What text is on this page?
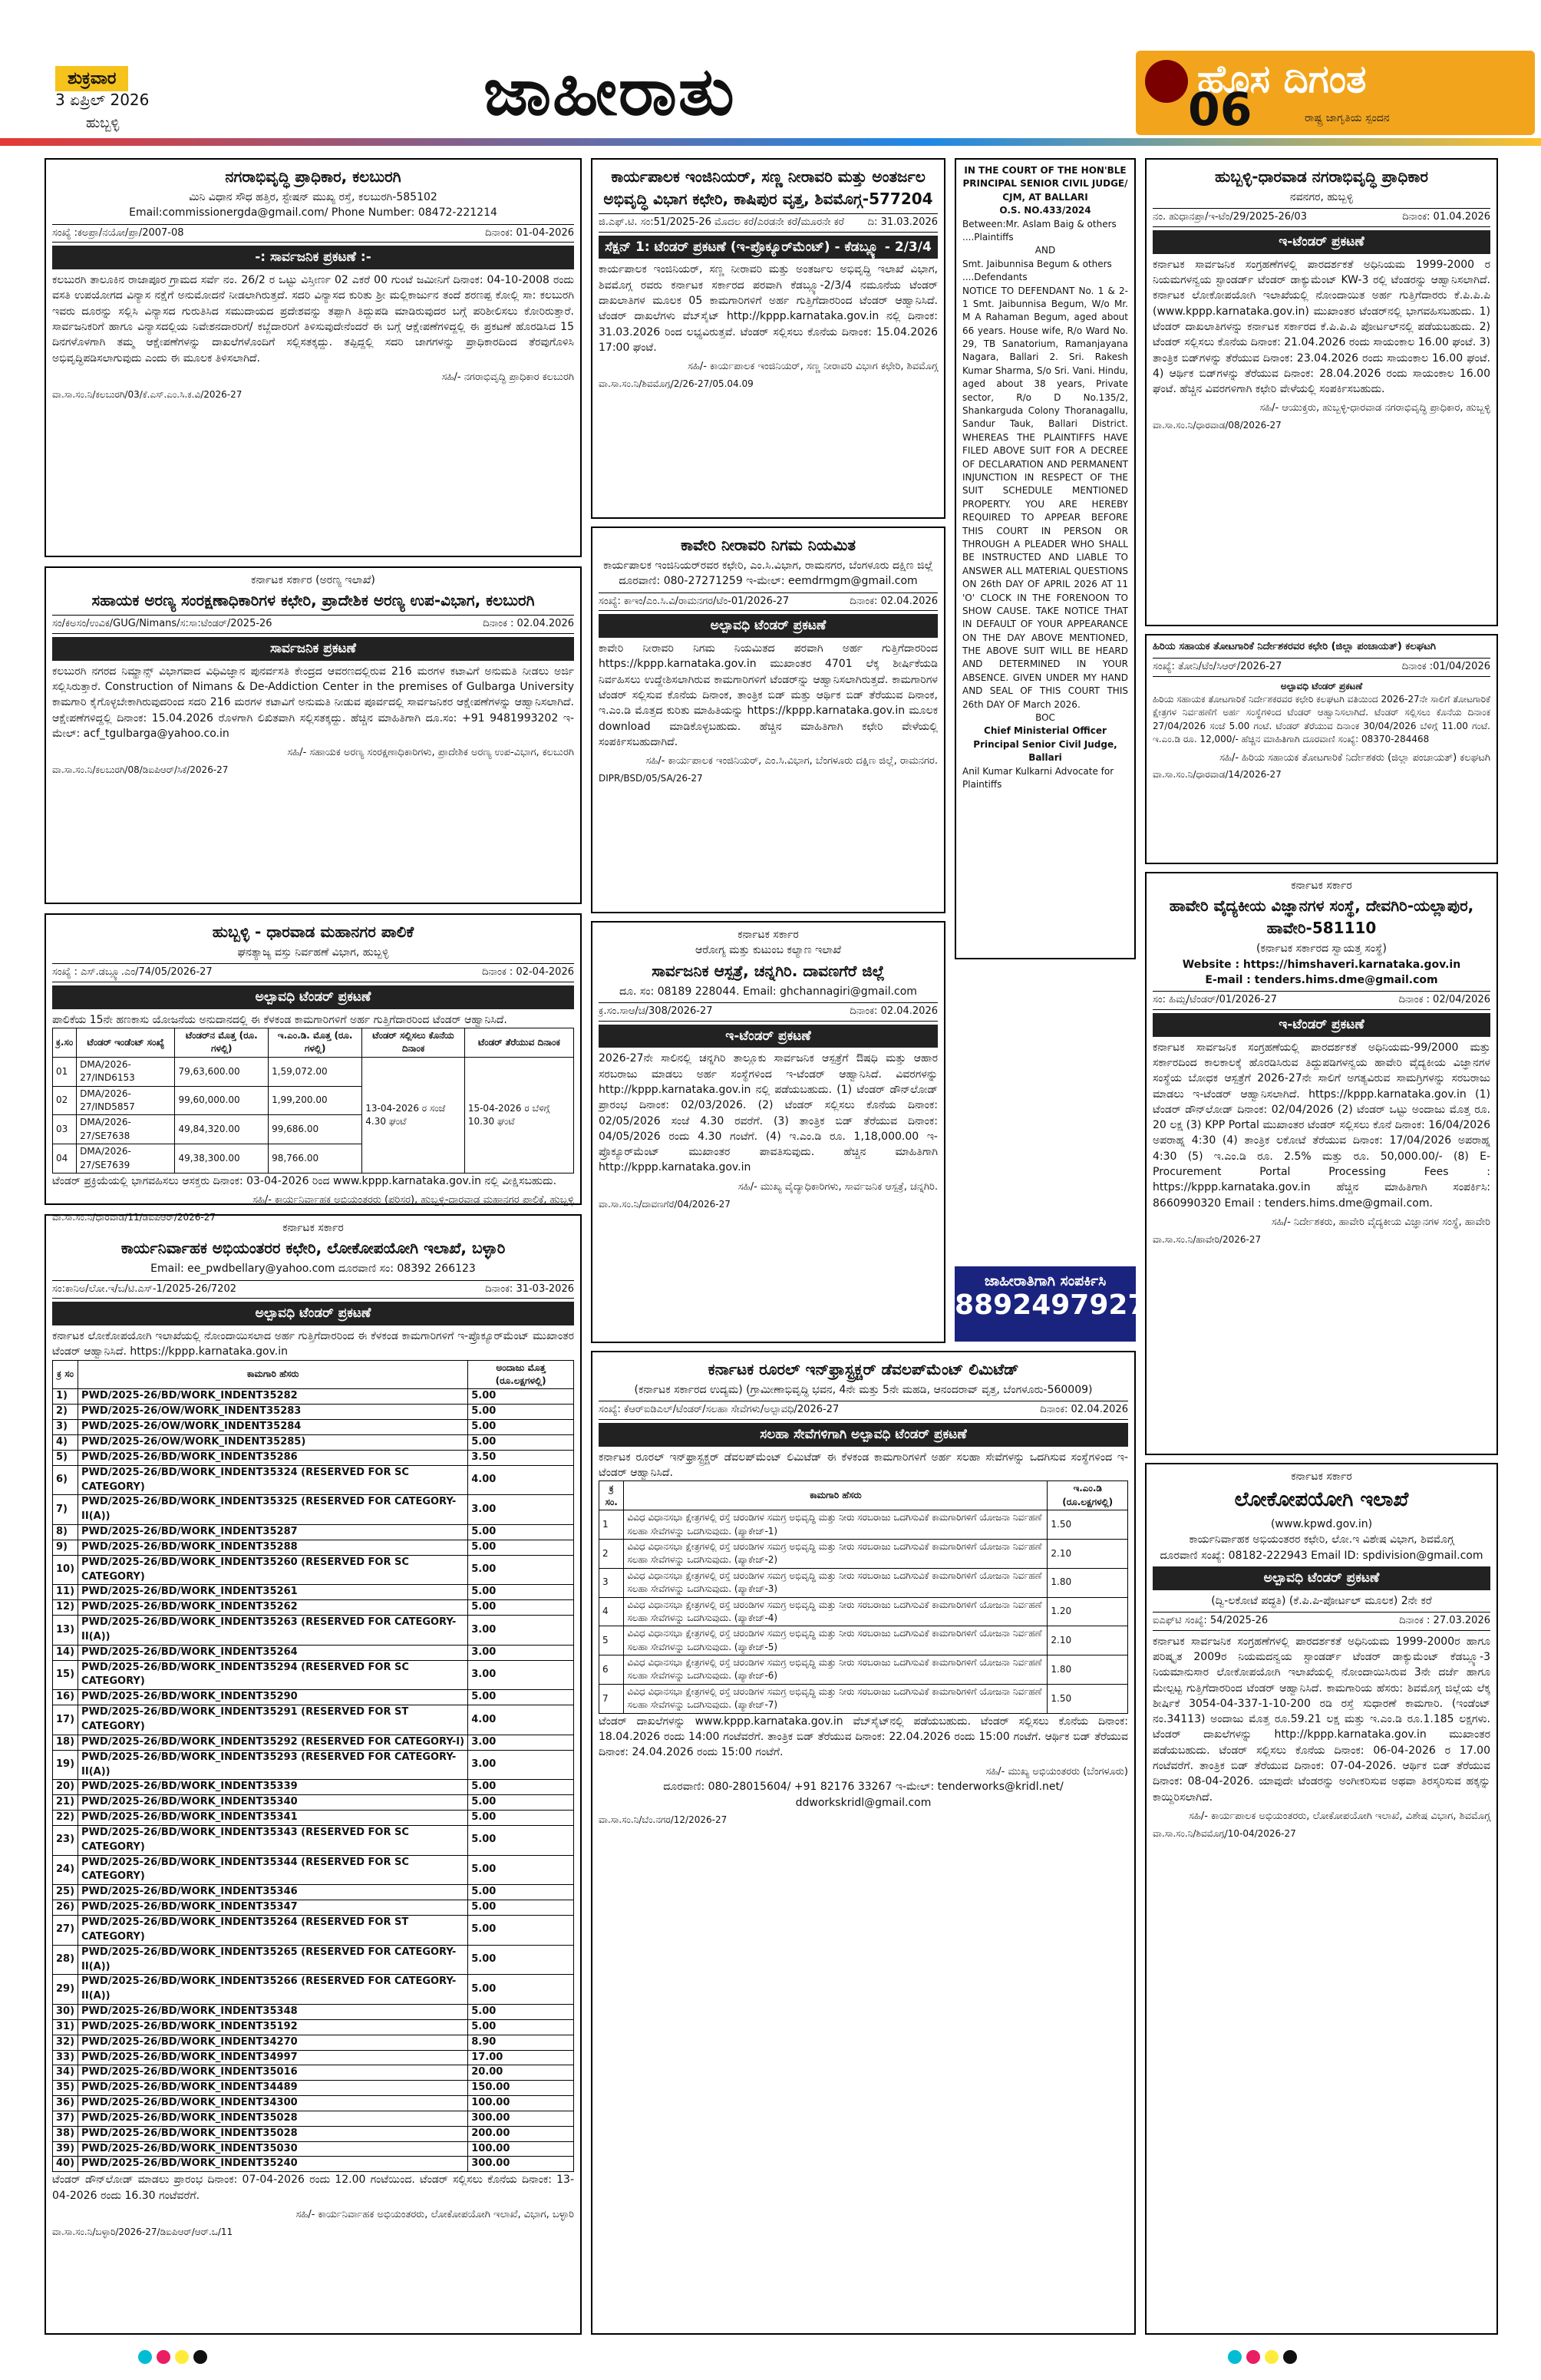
ಶುಕ್ರವಾರ
3 ಏಪ್ರಿಲ್ 2026
ಹುಬ್ಬಳ್ಳಿ	ಜಾಹೀರಾತು	ಹೊಸ ದಿಗಂತ
ರಾಷ್ಟ್ರ ಜಾಗೃತಿಯ ಸ್ಪಂದನ
06
ನಗರಾಭಿವೃದ್ಧಿ ಪ್ರಾಧಿಕಾರ, ಕಲಬುರಗಿ
ಮಿನಿ ವಿಧಾನ ಸೌಧ ಹತ್ತಿರ, ಸ್ಟೇಷನ್ ಮುಖ್ಯ ರಸ್ತೆ, ಕಲಬುರಗಿ-585102
Email:commissionergda@gmail.com/ Phone Number: 08472-221214
ಸಂಖ್ಯೆ :ಕಅಪ್ರಾ/ನಯೋ/ಪ್ರಾ/2007-08	ದಿನಾಂಕ: 01-04-2026
-: ಸಾರ್ವಜನಿಕ ಪ್ರಕಟಣೆ :-
ಕಲಬುರಗಿ ತಾಲೂಕಿನ ರಾಜಾಪೂರ ಗ್ರಾಮದ ಸರ್ವೆ ನಂ. 26/2 ರ ಒಟ್ಟು ವಿಸ್ತೀರ್ಣ 02 ಎಕರೆ 00 ಗುಂಟೆ ಜಮೀನಿಗೆ ದಿನಾಂಕ: 04-10-2008 ರಂದು ವಸತಿ ಉಪಯೋಗದ ವಿನ್ಯಾಸ ನಕ್ಷೆಗೆ ಅನುಮೋದನೆ ನೀಡಲಾಗಿರುತ್ತದೆ. ಸದರಿ ವಿನ್ಯಾಸದ ಕುರಿತು ಶ್ರೀ ಮಲ್ಲಿಕಾರ್ಜುನ ತಂದೆ ಶರಣಪ್ಪ ಕೋಲ್ಲಿ ಸಾ: ಕಲಬುರಗಿ ಇವರು ದೂರನ್ನು ಸಲ್ಲಿಸಿ ವಿನ್ಯಾಸದ ಗುರುತಿಸಿದ ಸಮುದಾಯದ ಪ್ರದೇಶವನ್ನು ತಪ್ಪಾಗಿ ತಿದ್ದುಪಡಿ ಮಾಡಿರುವುದರ ಬಗ್ಗೆ ಪರಿಶೀಲಿಸಲು ಕೋರಿರುತ್ತಾರೆ. ಸಾರ್ವಜನಿಕರಿಗೆ ಹಾಗೂ ವಿನ್ಯಾಸದಲ್ಲಿಯ ನಿವೇಶನದಾರರಿಗೆ/ ಕಬ್ಜೆದಾರರಿಗೆ ತಿಳಿಸುವುದೇನೆಂದರೆ ಈ ಬಗ್ಗೆ ಆಕ್ಷೇಪಣೆಗಳಿದ್ದಲ್ಲಿ ಈ ಪ್ರಕಟಣೆ ಹೊರಡಿಸಿದ 15 ದಿನಗಳೊಳಗಾಗಿ ತಮ್ಮ ಆಕ್ಷೇಪಣೆಗಳನ್ನು ದಾಖಲೆಗಳೊಂದಿಗೆ ಸಲ್ಲಿಸತಕ್ಕದ್ದು. ತಪ್ಪಿದ್ದಲ್ಲಿ ಸದರಿ ಜಾಗಗಳನ್ನು ಪ್ರಾಧಿಕಾರದಿಂದ ತೆರವುಗೊಳಿಸಿ ಅಭಿವೃದ್ಧಿಪಡಿಸಲಾಗುವುದು ಎಂದು ಈ ಮೂಲಕ ತಿಳಿಸಲಾಗಿದೆ.
ಸಹಿ/- ನಗರಾಭಿವೃದ್ಧಿ ಪ್ರಾಧಿಕಾರ ಕಲಬುರಗಿ
ವಾ.ಸಾ.ಸಂ.ನಿ/ಕಲಬುರಗಿ/03/ಕೆ.ಎಸ್.ಎಂ.ಸಿ.ಕ.ವಿ/2026-27
ಕರ್ನಾಟಕ ಸರ್ಕಾರ (ಅರಣ್ಯ ಇಲಾಖೆ)
ಸಹಾಯಕ ಅರಣ್ಯ ಸಂರಕ್ಷಣಾಧಿಕಾರಿಗಳ ಕಛೇರಿ, ಪ್ರಾದೇಶಿಕ ಅರಣ್ಯ ಉಪ-ವಿಭಾಗ, ಕಲಬುರಗಿ
ಸಂ/ಕಅಸಂ/ಉವಿಕ/GUG/Nimans/ಸ:ಸಾ:ಟೆಂಡರ್/2025-26	ದಿನಾಂಕ : 02.04.2026
ಸಾರ್ವಜನಿಕ ಪ್ರಕಟಣೆ
ಕಲಬುರಗಿ ನಗರದ ನಿಮ್ಹಾನ್ಸ್ ವಿಭಾಗವಾದ ವಿಧಿವಿಜ್ಞಾನ ಪುನರ್ವಸತಿ ಕೇಂದ್ರದ ಆವರಣದಲ್ಲಿರುವ 216 ಮರಗಳ ಕಟಾವಿಗೆ ಅನುಮತಿ ನೀಡಲು ಅರ್ಜಿ ಸಲ್ಲಿಸಿರುತ್ತಾರೆ. Construction of Nimans & De-Addiction Center in the premises of Gulbarga University ಕಾಮಗಾರಿ ಕೈಗೊಳ್ಳಬೇಕಾಗಿರುವುದರಿಂದ ಸದರಿ 216 ಮರಗಳ ಕಟಾವಿಗೆ ಅನುಮತಿ ನೀಡುವ ಪೂರ್ವದಲ್ಲಿ ಸಾರ್ವಜನಿಕರ ಆಕ್ಷೇಪಣೆಗಳನ್ನು ಆಹ್ವಾನಿಸಲಾಗಿದೆ. ಆಕ್ಷೇಪಣೆಗಳಿದ್ದಲ್ಲಿ ದಿನಾಂಕ: 15.04.2026 ರೊಳಗಾಗಿ ಲಿಖಿತವಾಗಿ ಸಲ್ಲಿಸತಕ್ಕದ್ದು. ಹೆಚ್ಚಿನ ಮಾಹಿತಿಗಾಗಿ ದೂ.ಸಂ: +91 9481993202 ಇ-ಮೇಲ್: acf_tgulbarga@yahoo.co.in
ಸಹಿ/- ಸಹಾಯಕ ಅರಣ್ಯ ಸಂರಕ್ಷಣಾಧಿಕಾರಿಗಳು, ಪ್ರಾದೇಶಿಕ ಅರಣ್ಯ ಉಪ-ವಿಭಾಗ, ಕಲಬುರಗಿ
ವಾ.ಸಾ.ಸಂ.ನಿ/ಕಲಬುರಗಿ/08/ಡಿಐಪಿಆರ್/ಸಿಕೆ/2026-27
ಹುಬ್ಬಳ್ಳಿ - ಧಾರವಾಡ ಮಹಾನಗರ ಪಾಲಿಕೆ
ಘನತ್ಯಾಜ್ಯ ವಸ್ತು ನಿರ್ವಹಣೆ ವಿಭಾಗ, ಹುಬ್ಬಳ್ಳಿ
ಸಂಖ್ಯೆ : ಎಸ್‌.ಡಬ್ಲ್ಯೂ.ಎಂ/74/05/2026-27	ದಿನಾಂಕ : 02-04-2026
ಅಲ್ಪಾವಧಿ ಟೆಂಡರ್ ಪ್ರಕಟಣೆ
ಪಾಲಿಕೆಯ 15ನೇ ಹಣಕಾಸು ಯೋಜನೆಯ ಅನುದಾನದಲ್ಲಿ ಈ ಕೆಳಕಂಡ ಕಾಮಗಾರಿಗಳಿಗೆ ಅರ್ಹ ಗುತ್ತಿಗೆದಾರರಿಂದ ಟೆಂಡರ್ ಆಹ್ವಾನಿಸಿದೆ.
ಕ್ರ.ಸಂ	ಟೆಂಡರ್ ಇಂಡೆಂಟ್ ಸಂಖ್ಯೆ	ಟೆಂಡರ್‌ನ ಮೊತ್ತ (ರೂ. ಗಳಲ್ಲಿ)	ಇ.ಎಂ.ಡಿ. ಮೊತ್ತ (ರೂ. ಗಳಲ್ಲಿ)	ಟೆಂಡರ್ ಸಲ್ಲಿಸಲು ಕೊನೆಯ ದಿನಾಂಕ	ಟೆಂಡರ್ ತೆರೆಯುವ ದಿನಾಂಕ
01	DMA/2026-27/IND6153	79,63,600.00	1,59,072.00	13-04-2026 ರ ಸಂಜೆ 4.30 ಘಂಟೆ	15-04-2026 ರ ಬೆಳಿಗ್ಗೆ 10.30 ಘಂಟೆ
02	DMA/2026-27/IND5857	99,60,000.00	1,99,200.00		
03	DMA/2026-27/SE7638	49,84,320.00	99,686.00		
04	DMA/2026-27/SE7639	49,38,300.00	98,766.00		
ಟೆಂಡರ್ ಪ್ರಕ್ರಿಯೆಯಲ್ಲಿ ಭಾಗವಹಿಸಲು ಆಸಕ್ತರು ದಿನಾಂಕ: 03-04-2026 ರಿಂದ www.kppp.karnataka.gov.in ನಲ್ಲಿ ವೀಕ್ಷಿಸಬಹುದು.
ಸಹಿ/- ಕಾರ್ಯನಿರ್ವಾಹಕ ಅಭಿಯಂತರರು (ಪರಿಸರ), ಹುಬ್ಬಳ್ಳಿ-ಧಾರವಾಡ ಮಹಾನಗರ ಪಾಲಿಕೆ, ಹುಬ್ಬಳ್ಳಿ
ವಾ.ಸಾ.ಸಂ.ನಿ/ಧಾರವಾಡ/11/ಡಿಐಪಿಆರ್/2026-27
ಕರ್ನಾಟಕ ಸರ್ಕಾರ
ಕಾರ್ಯನಿರ್ವಾಹಕ ಅಭಿಯಂತರರ ಕಛೇರಿ, ಲೋಕೋಪಯೋಗಿ ಇಲಾಖೆ, ಬಳ್ಳಾರಿ
Email: ee_pwdbellary@yahoo.com ದೂರವಾಣಿ ಸಂ: 08392 266123
ಸಂ:ಕಾನಿಅ/ಲೋ.ಇ/ಬ/ಟಿ.ಎಸ್-1/2025-26/7202	ದಿನಾಂಕ: 31-03-2026
ಅಲ್ಪಾವಧಿ ಟೆಂಡರ್ ಪ್ರಕಟಣೆ
ಕರ್ನಾಟಕ ಲೋಕೋಪಯೋಗಿ ಇಲಾಖೆಯಲ್ಲಿ ನೋಂದಾಯಿಸಲಾದ ಅರ್ಹ ಗುತ್ತಿಗೆದಾರರಿಂದ ಈ ಕೆಳಕಂಡ ಕಾಮಗಾರಿಗಳಿಗೆ ಇ-ಪ್ರೊಕ್ಯೂರ್‌ಮೆಂಟ್ ಮುಖಾಂತರ ಟೆಂಡರ್ ಆಹ್ವಾನಿಸಿದೆ. https://kppp.karnataka.gov.in
ಕ್ರ ಸಂ	ಕಾಮಗಾರಿ ಹೆಸರು	ಅಂದಾಜು ಮೊತ್ತ (ರೂ.ಲಕ್ಷಗಳಲ್ಲಿ)
1)	PWD/2025-26/BD/WORK_INDENT35282	5.00
2)	PWD/2025-26/OW/WORK_INDENT35283	5.00
3)	PWD/2025-26/OW/WORK_INDENT35284	5.00
4)	PWD/2025-26/OW/WORK_INDENT35285)	5.00
5)	PWD/2025-26/BD/WORK_INDENT35286	3.50
6)	PWD/2025-26/BD/WORK_INDENT35324 (RESERVED FOR SC CATEGORY)	4.00
7)	PWD/2025-26/BD/WORK_INDENT35325 (RESERVED FOR CATEGORY-II(A))	3.00
8)	PWD/2025-26/BD/WORK_INDENT35287	5.00
9)	PWD/2025-26/BD/WORK_INDENT35288	5.00
10)	PWD/2025-26/BD/WORK_INDENT35260 (RESERVED FOR SC CATEGORY)	5.00
11)	PWD/2025-26/BD/WORK_INDENT35261	5.00
12)	PWD/2025-26/BD/WORK_INDENT35262	5.00
13)	PWD/2025-26/BD/WORK_INDENT35263 (RESERVED FOR CATEGORY-II(A))	3.00
14)	PWD/2025-26/BD/WORK_INDENT35264	3.00
15)	PWD/2025-26/BD/WORK_INDENT35294 (RESERVED FOR SC CATEGORY)	3.00
16)	PWD/2025-26/BD/WORK_INDENT35290	5.00
17)	PWD/2025-26/BD/WORK_INDENT35291 (RESERVED FOR ST CATEGORY)	4.00
18)	PWD/2025-26/BD/WORK_INDENT35292 (RESERVED FOR CATEGORY-I)	3.00
19)	PWD/2025-26/BD/WORK_INDENT35293 (RESERVED FOR CATEGORY-II(A))	3.00
20)	PWD/2025-26/BD/WORK_INDENT35339	5.00
21)	PWD/2025-26/BD/WORK_INDENT35340	5.00
22)	PWD/2025-26/BD/WORK_INDENT35341	5.00
23)	PWD/2025-26/BD/WORK_INDENT35343 (RESERVED FOR SC CATEGORY)	5.00
24)	PWD/2025-26/BD/WORK_INDENT35344 (RESERVED FOR SC CATEGORY)	5.00
25)	PWD/2025-26/BD/WORK_INDENT35346	5.00
26)	PWD/2025-26/BD/WORK_INDENT35347	5.00
27)	PWD/2025-26/BD/WORK_INDENT35264 (RESERVED FOR ST CATEGORY)	5.00
28)	PWD/2025-26/BD/WORK_INDENT35265 (RESERVED FOR CATEGORY-II(A))	5.00
29)	PWD/2025-26/BD/WORK_INDENT35266 (RESERVED FOR CATEGORY-II(A))	5.00
30)	PWD/2025-26/BD/WORK_INDENT35348	5.00
31)	PWD/2025-26/BD/WORK_INDENT35192	5.00
32)	PWD/2025-26/BD/WORK_INDENT34270	8.90
33)	PWD/2025-26/BD/WORK_INDENT34997	17.00
34)	PWD/2025-26/BD/WORK_INDENT35016	20.00
35)	PWD/2025-26/BD/WORK_INDENT34489	150.00
36)	PWD/2025-26/BD/WORK_INDENT34300	100.00
37)	PWD/2025-26/BD/WORK_INDENT35028	300.00
38)	PWD/2025-26/BD/WORK_INDENT35028	200.00
39)	PWD/2025-26/BD/WORK_INDENT35030	100.00
40)	PWD/2025-26/BD/WORK_INDENT35240	300.00
ಟೆಂಡರ್ ಡೌನ್‌ಲೋಡ್ ಮಾಡಲು ಪ್ರಾರಂಭ ದಿನಾಂಕ: 07-04-2026 ರಂದು 12.00 ಗಂಟೆಯಿಂದ. ಟೆಂಡರ್ ಸಲ್ಲಿಸಲು ಕೊನೆಯ ದಿನಾಂಕ: 13-04-2026 ರಂದು 16.30 ಗಂಟೆವರೆಗೆ.
ಸಹಿ/- ಕಾರ್ಯನಿರ್ವಾಹಕ ಅಭಿಯಂತರರು, ಲೋಕೋಪಯೋಗಿ ಇಲಾಖೆ, ವಿಭಾಗ, ಬಳ್ಳಾರಿ
ವಾ.ಸಾ.ಸಂ.ನಿ/ಬಳ್ಳಾರಿ/2026-27/ಡಿಐಪಿಆರ್/ಆರ್‌.ಒ/11
ಕಾರ್ಯಪಾಲಕ ಇಂಜಿನಿಯರ್, ಸಣ್ಣ ನೀರಾವರಿ ಮತ್ತು ಅಂತರ್ಜಲ ಅಭಿವೃದ್ಧಿ ವಿಭಾಗ ಕಛೇರಿ, ಕಾಷಿಪುರ ವೃತ್ತ, ಶಿವಮೊಗ್ಗ-577204
ಜಿ.ಎಫ್.ಟಿ. ಸಂ:51/2025-26 ಮೊದಲ ಕರೆ/ಎರಡನೇ ಕರೆ/ಮೂರನೇ ಕರೆ ದಿ: 31.03.2026
ಸೆಕ್ಷನ್ 1: ಟೆಂಡರ್ ಪ್ರಕಟಣೆ (ಇ-ಪ್ರೊಕ್ಯೂರ್‌ಮೆಂಟ್) - ಕೆಡಬ್ಲ್ಯೂ - 2/3/4
ಕಾರ್ಯಪಾಲಕ ಇಂಜಿನಿಯರ್, ಸಣ್ಣ ನೀರಾವರಿ ಮತ್ತು ಅಂತರ್ಜಲ ಅಭಿವೃದ್ಧಿ ಇಲಾಖೆ ವಿಭಾಗ, ಶಿವಮೊಗ್ಗ ರವರು ಕರ್ನಾಟಕ ಸರ್ಕಾರದ ಪರವಾಗಿ ಕೆಡಬ್ಲ್ಯೂ-2/3/4 ನಮೂನೆಯ ಟೆಂಡರ್ ದಾಖಲಾತಿಗಳ ಮೂಲಕ 05 ಕಾಮಗಾರಿಗಳಿಗೆ ಅರ್ಹ ಗುತ್ತಿಗೆದಾರರಿಂದ ಟೆಂಡರ್ ಆಹ್ವಾನಿಸಿದೆ. ಟೆಂಡರ್ ದಾಖಲೆಗಳು ವೆಬ್‌ಸೈಟ್ http://kppp.karnataka.gov.in ನಲ್ಲಿ ದಿನಾಂಕ: 31.03.2026 ರಿಂದ ಲಭ್ಯವಿರುತ್ತವೆ. ಟೆಂಡರ್ ಸಲ್ಲಿಸಲು ಕೊನೆಯ ದಿನಾಂಕ: 15.04.2026 17:00 ಘಂಟೆ.
ಸಹಿ/- ಕಾರ್ಯಪಾಲಕ ಇಂಜಿನಿಯರ್, ಸಣ್ಣ ನೀರಾವರಿ ವಿಭಾಗ ಕಛೇರಿ, ಶಿವಮೊಗ್ಗ
ವಾ.ಸಾ.ಸಂ.ನಿ/ಶಿವಮೊಗ್ಗ/2/26-27/05.04.09
ಕಾವೇರಿ ನೀರಾವರಿ ನಿಗಮ ನಿಯಮಿತ
ಕಾರ್ಯಪಾಲಕ ಇಂಜಿನಿಯರ್‌ರವರ ಕಛೇರಿ, ಎಂ.ಸಿ.ವಿಭಾಗ, ರಾಮನಗರ, ಬೆಂಗಳೂರು ದಕ್ಷಿಣ ಜಿಲ್ಲೆ
ದೂರವಾಣಿ: 080-27271259 ಇ-ಮೇಲ್: eemdrmgm@gmail.com
ಸಂಖ್ಯೆ: ಕಾಇಂ/ಎಂ.ಸಿ.ವಿ/ರಾಮನಗರ/ಟೆಂ-01/2026-27	ದಿನಾಂಕ: 02.04.2026
ಅಲ್ಪಾವಧಿ ಟೆಂಡರ್ ಪ್ರಕಟಣೆ
ಕಾವೇರಿ ನೀರಾವರಿ ನಿಗಮ ನಿಯಮಿತದ ಪರವಾಗಿ ಅರ್ಹ ಗುತ್ತಿಗೆದಾರರಿಂದ https://kppp.karnataka.gov.in ಮುಖಾಂತರ 4701 ಲೆಕ್ಕ ಶೀರ್ಷಿಕೆಯಡಿ ನಿರ್ವಹಿಸಲು ಉದ್ದೇಶಿಸಲಾಗಿರುವ ಕಾಮಗಾರಿಗಳಿಗೆ ಟೆಂಡರ್‌ನ್ನು ಆಹ್ವಾನಿಸಲಾಗಿರುತ್ತದೆ. ಕಾಮಗಾರಿಗಳ ಟೆಂಡರ್ ಸಲ್ಲಿಸುವ ಕೊನೆಯ ದಿನಾಂಕ, ತಾಂತ್ರಿಕ ಬಿಡ್ ಮತ್ತು ಆರ್ಥಿಕ ಬಿಡ್ ತೆರೆಯುವ ದಿನಾಂಕ, ಇ.ಎಂ.ಡಿ ಮೊತ್ತದ ಕುರಿತು ಮಾಹಿತಿಯನ್ನು https://kppp.karnataka.gov.in ಮೂಲಕ download ಮಾಡಿಕೊಳ್ಳಬಹುದು. ಹೆಚ್ಚಿನ ಮಾಹಿತಿಗಾಗಿ ಕಛೇರಿ ವೇಳೆಯಲ್ಲಿ ಸಂಪರ್ಕಿಸಬಹುದಾಗಿದೆ.
ಸಹಿ/- ಕಾರ್ಯಪಾಲಕ ಇಂಜಿನಿಯರ್, ಎಂ.ಸಿ.ವಿಭಾಗ, ಬೆಂಗಳೂರು ದಕ್ಷಿಣ ಜಿಲ್ಲೆ, ರಾಮನಗರ.
DIPR/BSD/05/SA/26-27
ಕರ್ನಾಟಕ ಸರ್ಕಾರ
ಆರೋಗ್ಯ ಮತ್ತು ಕುಟುಂಬ ಕಲ್ಯಾಣ ಇಲಾಖೆ
ಸಾರ್ವಜನಿಕ ಆಸ್ಪತ್ರೆ, ಚನ್ನಗಿರಿ. ದಾವಣಗೆರೆ ಜಿಲ್ಲೆ
ದೂ. ಸಂ: 08189 228044. Email: ghchannagiri@gmail.com
ಕ್ರ.ಸಂ.ಸಾಆ/ಚ/308/2026-27	ದಿನಾಂಕ: 02.04.2026
ಇ-ಟೆಂಡರ್ ಪ್ರಕಟಣೆ
2026-27ನೇ ಸಾಲಿನಲ್ಲಿ ಚನ್ನಗಿರಿ ತಾಲ್ಲೂಕು ಸಾರ್ವಜನಿಕ ಆಸ್ಪತ್ರೆಗೆ ಔಷಧಿ ಮತ್ತು ಆಹಾರ ಸರಬರಾಜು ಮಾಡಲು ಅರ್ಹ ಸಂಸ್ಥೆಗಳಿಂದ ಇ-ಟೆಂಡರ್ ಆಹ್ವಾನಿಸಿದೆ. ವಿವರಗಳನ್ನು http://kppp.karnataka.gov.in ನಲ್ಲಿ ಪಡೆಯಬಹುದು. (1) ಟೆಂಡರ್ ಡೌನ್‌ಲೋಡ್ ಪ್ರಾರಂಭ ದಿನಾಂಕ: 02/03/2026. (2) ಟೆಂಡರ್ ಸಲ್ಲಿಸಲು ಕೊನೆಯ ದಿನಾಂಕ: 02/05/2026 ಸಂಜೆ 4.30 ರವರೆಗೆ. (3) ತಾಂತ್ರಿಕ ಬಿಡ್ ತೆರೆಯುವ ದಿನಾಂಕ: 04/05/2026 ರಂದು 4.30 ಗಂಟೆಗೆ. (4) ಇ.ಎಂ.ಡಿ ರೂ. 1,18,000.00 ಇ-ಪ್ರೊಕ್ಯೂರ್‌ಮೆಂಟ್ ಮುಖಾಂತರ ಪಾವತಿಸುವುದು. ಹೆಚ್ಚಿನ ಮಾಹಿತಿಗಾಗಿ http://kppp.karnataka.gov.in
ಸಹಿ/- ಮುಖ್ಯ ವೈದ್ಯಾಧಿಕಾರಿಗಳು, ಸಾರ್ವಜನಿಕ ಆಸ್ಪತ್ರೆ, ಚನ್ನಗಿರಿ.
ವಾ.ಸಾ.ಸಂ.ನಿ/ದಾವಣಗೆರೆ/04/2026-27
IN THE COURT OF THE HON'BLE PRINCIPAL SENIOR CIVIL JUDGE/ CJM, AT BALLARI
O.S. NO.433/2024
Between:Mr. Aslam Baig & others ....Plaintiffs
AND
Smt. Jaibunnisa Begum & others ....Defendants
NOTICE TO DEFENDANT No. 1 & 2- 1 Smt. Jaibunnisa Begum, W/o Mr. M A Rahaman Begum, aged about 66 years. House wife, R/o Ward No. 29, TB Sanatorium, Ramanjayana Nagara, Ballari 2. Sri. Rakesh Kumar Sharma, S/o Sri. Vani. Hindu, aged about 38 years, Private sector, R/o D No.135/2, Shankarguda Colony Thoranagallu, Sandur Tauk, Ballari District. WHEREAS THE PLAINTIFFS HAVE FILED ABOVE SUIT FOR A DECREE OF DECLARATION AND PERMANENT INJUNCTION IN RESPECT OF THE SUIT SCHEDULE MENTIONED PROPERTY. YOU ARE HEREBY REQUIRED TO APPEAR BEFORE THIS COURT IN PERSON OR THROUGH A PLEADER WHO SHALL BE INSTRUCTED AND LIABLE TO ANSWER ALL MATERIAL QUESTIONS ON 26th DAY OF APRIL 2026 AT 11 'O' CLOCK IN THE FORENOON TO SHOW CAUSE. TAKE NOTICE THAT IN DEFAULT OF YOUR APPEARANCE ON THE DAY ABOVE MENTIONED, THE ABOVE SUIT WILL BE HEARD AND DETERMINED IN YOUR ABSENCE. GIVEN UNDER MY HAND AND SEAL OF THIS COURT THIS 26th DAY OF March 2026.
BOC
Chief Ministerial Officer Principal Senior Civil Judge, Ballari
Anil Kumar Kulkarni Advocate for Plaintiffs
ಜಾಹೀರಾತಿಗಾಗಿ ಸಂಪರ್ಕಿಸಿ
8892497927
ಕರ್ನಾಟಕ ರೂರಲ್ ಇನ್‌ಫ್ರಾಸ್ಟ್ರಕ್ಚರ್ ಡೆವಲಪ್‌ಮೆಂಟ್ ಲಿಮಿಟೆಡ್
(ಕರ್ನಾಟಕ ಸರ್ಕಾರದ ಉದ್ಯಮ) (ಗ್ರಾಮೀಣಾಭಿವೃದ್ಧಿ ಭವನ, 4ನೇ ಮತ್ತು 5ನೇ ಮಹಡಿ, ಆನಂದರಾವ್ ವೃತ್ತ, ಬೆಂಗಳೂರು-560009)
ಸಂಖ್ಯೆ: ಕೆಆರ್‌ಐಡಿಎಲ್/ಟೆಂಡರ್/ಸಲಹಾ ಸೇವೆಗಳು/ಅಲ್ಪಾವಧಿ/2026-27	ದಿನಾಂಕ: 02.04.2026
ಸಲಹಾ ಸೇವೆಗಳಿಗಾಗಿ ಅಲ್ಪಾವಧಿ ಟೆಂಡರ್ ಪ್ರಕಟಣೆ
ಕರ್ನಾಟಕ ರೂರಲ್ ಇನ್‌ಫ್ರಾಸ್ಟ್ರಕ್ಚರ್ ಡೆವಲಪ್‌ಮೆಂಟ್ ಲಿಮಿಟೆಡ್ ಈ ಕೆಳಕಂಡ ಕಾಮಗಾರಿಗಳಿಗೆ ಅರ್ಹ ಸಲಹಾ ಸೇವೆಗಳನ್ನು ಒದಗಿಸುವ ಸಂಸ್ಥೆಗಳಿಂದ ಇ-ಟೆಂಡರ್ ಆಹ್ವಾನಿಸಿದೆ.
ಕ್ರ ಸಂ.	ಕಾಮಗಾರಿ ಹೆಸರು	ಇ.ಎಂ.ಡಿ (ರೂ.ಲಕ್ಷಗಳಲ್ಲಿ)
1	ವಿವಿಧ ವಿಧಾನಸಭಾ ಕ್ಷೇತ್ರಗಳಲ್ಲಿ ರಸ್ತೆ ಚರಂಡಿಗಳ ಸಮಗ್ರ ಅಭಿವೃದ್ಧಿ ಮತ್ತು ನೀರು ಸರಬರಾಜು ಒದಗಿಸುವಿಕೆ ಕಾಮಗಾರಿಗಳಿಗೆ ಯೋಜನಾ ನಿರ್ವಹಣೆ ಸಲಹಾ ಸೇವೆಗಳನ್ನು ಒದಗಿಸುವುದು. (ಪ್ಯಾಕೇಜ್-1)	1.50
2	ವಿವಿಧ ವಿಧಾನಸಭಾ ಕ್ಷೇತ್ರಗಳಲ್ಲಿ ರಸ್ತೆ ಚರಂಡಿಗಳ ಸಮಗ್ರ ಅಭಿವೃದ್ಧಿ ಮತ್ತು ನೀರು ಸರಬರಾಜು ಒದಗಿಸುವಿಕೆ ಕಾಮಗಾರಿಗಳಿಗೆ ಯೋಜನಾ ನಿರ್ವಹಣೆ ಸಲಹಾ ಸೇವೆಗಳನ್ನು ಒದಗಿಸುವುದು. (ಪ್ಯಾಕೇಜ್-2)	2.10
3	ವಿವಿಧ ವಿಧಾನಸಭಾ ಕ್ಷೇತ್ರಗಳಲ್ಲಿ ರಸ್ತೆ ಚರಂಡಿಗಳ ಸಮಗ್ರ ಅಭಿವೃದ್ಧಿ ಮತ್ತು ನೀರು ಸರಬರಾಜು ಒದಗಿಸುವಿಕೆ ಕಾಮಗಾರಿಗಳಿಗೆ ಯೋಜನಾ ನಿರ್ವಹಣೆ ಸಲಹಾ ಸೇವೆಗಳನ್ನು ಒದಗಿಸುವುದು. (ಪ್ಯಾಕೇಜ್-3)	1.80
4	ವಿವಿಧ ವಿಧಾನಸಭಾ ಕ್ಷೇತ್ರಗಳಲ್ಲಿ ರಸ್ತೆ ಚರಂಡಿಗಳ ಸಮಗ್ರ ಅಭಿವೃದ್ಧಿ ಮತ್ತು ನೀರು ಸರಬರಾಜು ಒದಗಿಸುವಿಕೆ ಕಾಮಗಾರಿಗಳಿಗೆ ಯೋಜನಾ ನಿರ್ವಹಣೆ ಸಲಹಾ ಸೇವೆಗಳನ್ನು ಒದಗಿಸುವುದು. (ಪ್ಯಾಕೇಜ್-4)	1.20
5	ವಿವಿಧ ವಿಧಾನಸಭಾ ಕ್ಷೇತ್ರಗಳಲ್ಲಿ ರಸ್ತೆ ಚರಂಡಿಗಳ ಸಮಗ್ರ ಅಭಿವೃದ್ಧಿ ಮತ್ತು ನೀರು ಸರಬರಾಜು ಒದಗಿಸುವಿಕೆ ಕಾಮಗಾರಿಗಳಿಗೆ ಯೋಜನಾ ನಿರ್ವಹಣೆ ಸಲಹಾ ಸೇವೆಗಳನ್ನು ಒದಗಿಸುವುದು. (ಪ್ಯಾಕೇಜ್-5)	2.10
6	ವಿವಿಧ ವಿಧಾನಸಭಾ ಕ್ಷೇತ್ರಗಳಲ್ಲಿ ರಸ್ತೆ ಚರಂಡಿಗಳ ಸಮಗ್ರ ಅಭಿವೃದ್ಧಿ ಮತ್ತು ನೀರು ಸರಬರಾಜು ಒದಗಿಸುವಿಕೆ ಕಾಮಗಾರಿಗಳಿಗೆ ಯೋಜನಾ ನಿರ್ವಹಣೆ ಸಲಹಾ ಸೇವೆಗಳನ್ನು ಒದಗಿಸುವುದು. (ಪ್ಯಾಕೇಜ್-6)	1.80
7	ವಿವಿಧ ವಿಧಾನಸಭಾ ಕ್ಷೇತ್ರಗಳಲ್ಲಿ ರಸ್ತೆ ಚರಂಡಿಗಳ ಸಮಗ್ರ ಅಭಿವೃದ್ಧಿ ಮತ್ತು ನೀರು ಸರಬರಾಜು ಒದಗಿಸುವಿಕೆ ಕಾಮಗಾರಿಗಳಿಗೆ ಯೋಜನಾ ನಿರ್ವಹಣೆ ಸಲಹಾ ಸೇವೆಗಳನ್ನು ಒದಗಿಸುವುದು. (ಪ್ಯಾಕೇಜ್-7)	1.50
ಟೆಂಡರ್ ದಾಖಲೆಗಳನ್ನು www.kppp.karnataka.gov.in ವೆಬ್‌ಸೈಟ್‌ನಲ್ಲಿ ಪಡೆಯಬಹುದು. ಟೆಂಡರ್ ಸಲ್ಲಿಸಲು ಕೊನೆಯ ದಿನಾಂಕ: 18.04.2026 ರಂದು 14:00 ಗಂಟೆವರೆಗೆ. ತಾಂತ್ರಿಕ ಬಿಡ್ ತೆರೆಯುವ ದಿನಾಂಕ: 22.04.2026 ರಂದು 15:00 ಗಂಟೆಗೆ. ಆರ್ಥಿಕ ಬಿಡ್ ತೆರೆಯುವ ದಿನಾಂಕ: 24.04.2026 ರಂದು 15:00 ಗಂಟೆಗೆ.
ಸಹಿ/- ಮುಖ್ಯ ಅಭಿಯಂತರರು (ಬೆಂಗಳೂರು)
ದೂರವಾಣಿ: 080-28015604/ +91 82176 33267 ಇ-ಮೇಲ್: tenderworks@kridl.net/ ddworkskridl@gmail.com
ವಾ.ಸಾ.ಸಂ.ನಿ/ಬೆಂ.ನಗರ/12/2026-27
ಹುಬ್ಬಳ್ಳಿ-ಧಾರವಾಡ ನಗರಾಭಿವೃದ್ಧಿ ಪ್ರಾಧಿಕಾರ
ನವನಗರ, ಹುಬ್ಬಳ್ಳಿ
ನಂ. ಹುಧಾನಪ್ರಾ/ಇ-ಟೆಂ/29/2025-26/03	ದಿನಾಂಕ: 01.04.2026
ಇ-ಟೆಂಡರ್ ಪ್ರಕಟಣೆ
ಕರ್ನಾಟಕ ಸಾರ್ವಜನಿಕ ಸಂಗ್ರಹಣೆಗಳಲ್ಲಿ ಪಾರದರ್ಶಕತೆ ಅಧಿನಿಯಮ 1999-2000 ರ ನಿಯಮಗಳನ್ವಯ ಸ್ಟಾಂಡರ್ಡ್ ಟೆಂಡರ್ ಡಾಕ್ಯುಮೆಂಟ್ KW-3 ರಲ್ಲಿ ಟೆಂಡರನ್ನು ಆಹ್ವಾನಿಸಲಾಗಿದೆ. ಕರ್ನಾಟಕ ಲೋಕೋಪಯೋಗಿ ಇಲಾಖೆಯಲ್ಲಿ ನೋಂದಾಯಿತ ಅರ್ಹ ಗುತ್ತಿಗೆದಾರರು ಕೆ.ಪಿ.ಪಿ.ಪಿ (www.kppp.karnataka.gov.in) ಮುಖಾಂತರ ಟೆಂಡರ್‌ನಲ್ಲಿ ಭಾಗವಹಿಸಬಹುದು. 1) ಟೆಂಡರ್ ದಾಖಲಾತಿಗಳನ್ನು ಕರ್ನಾಟಕ ಸರ್ಕಾರದ ಕೆ.ಪಿ.ಪಿ.ಪಿ ಪೋರ್ಟಲ್‌ನಲ್ಲಿ ಪಡೆಯಬಹುದು. 2) ಟೆಂಡರ್ ಸಲ್ಲಿಸಲು ಕೊನೆಯ ದಿನಾಂಕ: 21.04.2026 ರಂದು ಸಾಯಂಕಾಲ 16.00 ಘಂಟೆ. 3) ತಾಂತ್ರಿಕ ಬಿಡ್‌ಗಳನ್ನು ತೆರೆಯುವ ದಿನಾಂಕ: 23.04.2026 ರಂದು ಸಾಯಂಕಾಲ 16.00 ಘಂಟೆ. 4) ಆರ್ಥಿಕ ಬಿಡ್‌ಗಳನ್ನು ತೆರೆಯುವ ದಿನಾಂಕ: 28.04.2026 ರಂದು ಸಾಯಂಕಾಲ 16.00 ಘಂಟೆ. ಹೆಚ್ಚಿನ ವಿವರಗಳಿಗಾಗಿ ಕಛೇರಿ ವೇಳೆಯಲ್ಲಿ ಸಂಪರ್ಕಿಸಬಹುದು.
ಸಹಿ/- ಆಯುಕ್ತರು, ಹುಬ್ಬಳ್ಳಿ-ಧಾರವಾಡ ನಗರಾಭಿವೃದ್ಧಿ ಪ್ರಾಧಿಕಾರ, ಹುಬ್ಬಳ್ಳಿ
ವಾ.ಸಾ.ಸಂ.ನಿ/ಧಾರವಾಡ/08/2026-27
ಹಿರಿಯ ಸಹಾಯಕ ತೋಟಗಾರಿಕೆ ನಿರ್ದೇಶಕರವರ ಕಛೇರಿ (ಜಿಲ್ಲಾ ಪಂಚಾಯತ್) ಕಲಘಟಗಿ
ಸಂಖ್ಯೆ: ತೋನಿ/ಟೆಂ/ಸಿಆರ್/2026-27	ದಿನಾಂಕ :01/04/2026
ಅಲ್ಪಾವಧಿ ಟೆಂಡರ್ ಪ್ರಕಟಣೆ
ಹಿರಿಯ ಸಹಾಯಕ ತೋಟಗಾರಿಕೆ ನಿರ್ದೇಶಕರವರ ಕಛೇರಿ ಕಲಘಟಗಿ ವತಿಯಿಂದ 2026-27ನೇ ಸಾಲಿಗೆ ತೋಟಗಾರಿಕೆ ಕ್ಷೇತ್ರಗಳ ನಿರ್ವಹಣೆಗೆ ಅರ್ಹ ಸಂಸ್ಥೆಗಳಿಂದ ಟೆಂಡರ್ ಆಹ್ವಾನಿಸಲಾಗಿದೆ. ಟೆಂಡರ್ ಸಲ್ಲಿಸಲು ಕೊನೆಯ ದಿನಾಂಕ 27/04/2026 ಸಂಜೆ 5.00 ಗಂಟೆ. ಟೆಂಡರ್ ತೆರೆಯುವ ದಿನಾಂಕ 30/04/2026 ಬೆಳಿಗ್ಗೆ 11.00 ಗಂಟೆ. ಇ.ಎಂ.ಡಿ ರೂ. 12,000/- ಹೆಚ್ಚಿನ ಮಾಹಿತಿಗಾಗಿ ದೂರವಾಣಿ ಸಂಖ್ಯೆ: 08370-284468
ಸಹಿ/- ಹಿರಿಯ ಸಹಾಯಕ ತೋಟಗಾರಿಕೆ ನಿರ್ದೇಶಕರು (ಜಿಲ್ಲಾ ಪಂಚಾಯತ್) ಕಲಘಟಗಿ
ವಾ.ಸಾ.ಸಂ.ನಿ/ಧಾರವಾಡ/14/2026-27
ಕರ್ನಾಟಕ ಸರ್ಕಾರ
ಹಾವೇರಿ ವೈದ್ಯಕೀಯ ವಿಜ್ಞಾನಗಳ ಸಂಸ್ಥೆ, ದೇವಗಿರಿ-ಯಲ್ಲಾಪುರ, ಹಾವೇರಿ-581110
(ಕರ್ನಾಟಕ ಸರ್ಕಾರದ ಸ್ವಾಯತ್ತ ಸಂಸ್ಥೆ)
Website : https://himshaveri.karnataka.gov.in
E-mail : tenders.hims.dme@gmail.com
ಸಂ: ಹಿಮ್ಸ/ಟೆಂಡರ್/01/2026-27	ದಿನಾಂಕ : 02/04/2026
ಇ-ಟೆಂಡರ್ ಪ್ರಕಟಣೆ
ಕರ್ನಾಟಕ ಸಾರ್ವಜನಿಕ ಸಂಗ್ರಹಣೆಯಲ್ಲಿ ಪಾರದರ್ಶಕತೆ ಅಧಿನಿಯಮ-99/2000 ಮತ್ತು ಸರ್ಕಾರದಿಂದ ಕಾಲಕಾಲಕ್ಕೆ ಹೊರಡಿಸಿರುವ ತಿದ್ದುಪಡಿಗಳನ್ವಯ ಹಾವೇರಿ ವೈದ್ಯಕೀಯ ವಿಜ್ಞಾನಗಳ ಸಂಸ್ಥೆಯ ಬೋಧಕ ಆಸ್ಪತ್ರೆಗೆ 2026-27ನೇ ಸಾಲಿಗೆ ಅಗತ್ಯವಿರುವ ಸಾಮಗ್ರಿಗಳನ್ನು ಸರಬರಾಜು ಮಾಡಲು ಇ-ಟೆಂಡರ್ ಆಹ್ವಾನಿಸಲಾಗಿದೆ. https://kppp.karnataka.gov.in (1) ಟೆಂಡರ್ ಡೌನ್‌ಲೋಡ್ ದಿನಾಂಕ: 02/04/2026 (2) ಟೆಂಡರ್ ಒಟ್ಟು ಅಂದಾಜು ಮೊತ್ತ ರೂ. 20 ಲಕ್ಷ (3) KPP Portal ಮುಖಾಂತರ ಟೆಂಡರ್ ಸಲ್ಲಿಸಲು ಕೊನೆ ದಿನಾಂಕ: 16/04/2026 ಅಪರಾಹ್ನ 4:30 (4) ತಾಂತ್ರಿಕ ಲಕೋಟೆ ತೆರೆಯುವ ದಿನಾಂಕ: 17/04/2026 ಅಪರಾಹ್ನ 4:30 (5) ಇ.ಎಂ.ಡಿ ರೂ. 2.5% ಮತ್ತು ರೂ. 50,000.00/- (8) E-Procurement Portal Processing Fees : https://kppp.karnataka.gov.in ಹೆಚ್ಚಿನ ಮಾಹಿತಿಗಾಗಿ ಸಂಪರ್ಕಿಸಿ: 8660990320 Email : tenders.hims.dme@gmail.com.
ಸಹಿ/- ನಿರ್ದೇಶಕರು, ಹಾವೇರಿ ವೈದ್ಯಕೀಯ ವಿಜ್ಞಾನಗಳ ಸಂಸ್ಥೆ, ಹಾವೇರಿ
ವಾ.ಸಾ.ಸಂ.ನಿ/ಹಾವೇರಿ/2026-27
ಕರ್ನಾಟಕ ಸರ್ಕಾರ
ಲೋಕೋಪಯೋಗಿ ಇಲಾಖೆ
(www.kpwd.gov.in)
ಕಾರ್ಯನಿರ್ವಾಹಕ ಅಭಿಯಂತರರ ಕಛೇರಿ, ಲೋ.ಇ ವಿಶೇಷ ವಿಭಾಗ, ಶಿವಮೊಗ್ಗ
ದೂರವಾಣಿ ಸಂಖ್ಯೆ: 08182-222943 Email ID: spdivision@gmail.com
ಅಲ್ಪಾವಧಿ ಟೆಂಡರ್ ಪ್ರಕಟಣೆ
(ದ್ವಿ-ಲಕೋಟೆ ಪದ್ಧತಿ) (ಕೆ.ಪಿ.ಪಿ-ಪೋರ್ಟಲ್ ಮೂಲಕ) 2ನೇ ಕರೆ
ಐಎಫ್‌ಟಿ ಸಂಖ್ಯೆ: 54/2025-26	ದಿನಾಂಕ : 27.03.2026
ಕರ್ನಾಟಕ ಸಾರ್ವಜನಿಕ ಸಂಗ್ರಹಣೆಗಳಲ್ಲಿ ಪಾರದರ್ಶಕತೆ ಅಧಿನಿಯಮ 1999-2000ರ ಹಾಗೂ ಪರಿಷ್ಕೃತ 2009ರ ನಿಯಮದನ್ವಯ ಸ್ಟಾಂಡರ್ಡ್ ಟೆಂಡರ್ ಡಾಕ್ಯುಮೆಂಟ್ ಕೆಡಬ್ಲ್ಯೂ-3 ನಿಯಮಾನುಸಾರ ಲೋಕೋಪಯೋಗಿ ಇಲಾಖೆಯಲ್ಲಿ ನೋಂದಾಯಿಸಿರುವ 3ನೇ ದರ್ಜೆ ಹಾಗೂ ಮೇಲ್ಪಟ್ಟ ಗುತ್ತಿಗೆದಾರರಿಂದ ಟೆಂಡರ್ ಆಹ್ವಾನಿಸಿದೆ. ಕಾಮಗಾರಿಯ ಹೆಸರು: ಶಿವಮೊಗ್ಗ ಜಿಲ್ಲೆಯ ಲೆಕ್ಕ ಶೀರ್ಷಿಕೆ 3054-04-337-1-10-200 ರಡಿ ರಸ್ತೆ ಸುಧಾರಣೆ ಕಾಮಗಾರಿ. (ಇಂಡೆಂಟ್ ನಂ.34113) ಅಂದಾಜು ಮೊತ್ತ ರೂ.59.21 ಲಕ್ಷ ಮತ್ತು ಇ.ಎಂ.ಡಿ ರೂ.1.185 ಲಕ್ಷಗಳು. ಟೆಂಡರ್ ದಾಖಲೆಗಳನ್ನು http://kppp.karnataka.gov.in ಮುಖಾಂತರ ಪಡೆಯಬಹುದು. ಟೆಂಡರ್ ಸಲ್ಲಿಸಲು ಕೊನೆಯ ದಿನಾಂಕ: 06-04-2026 ರ 17.00 ಗಂಟೆವರೆಗೆ. ತಾಂತ್ರಿಕ ಬಿಡ್ ತೆರೆಯುವ ದಿನಾಂಕ: 07-04-2026. ಆರ್ಥಿಕ ಬಿಡ್ ತೆರೆಯುವ ದಿನಾಂಕ: 08-04-2026. ಯಾವುದೇ ಟೆಂಡರನ್ನು ಅಂಗೀಕರಿಸುವ ಅಥವಾ ತಿರಸ್ಕರಿಸುವ ಹಕ್ಕನ್ನು ಕಾಯ್ದಿರಿಸಲಾಗಿದೆ.
ಸಹಿ/- ಕಾರ್ಯಪಾಲಕ ಅಭಿಯಂತರರು, ಲೋಕೋಪಯೋಗಿ ಇಲಾಖೆ, ವಿಶೇಷ ವಿಭಾಗ, ಶಿವಮೊಗ್ಗ
ವಾ.ಸಾ.ಸಂ.ನಿ/ಶಿವಮೊಗ್ಗ/10-04/2026-27
